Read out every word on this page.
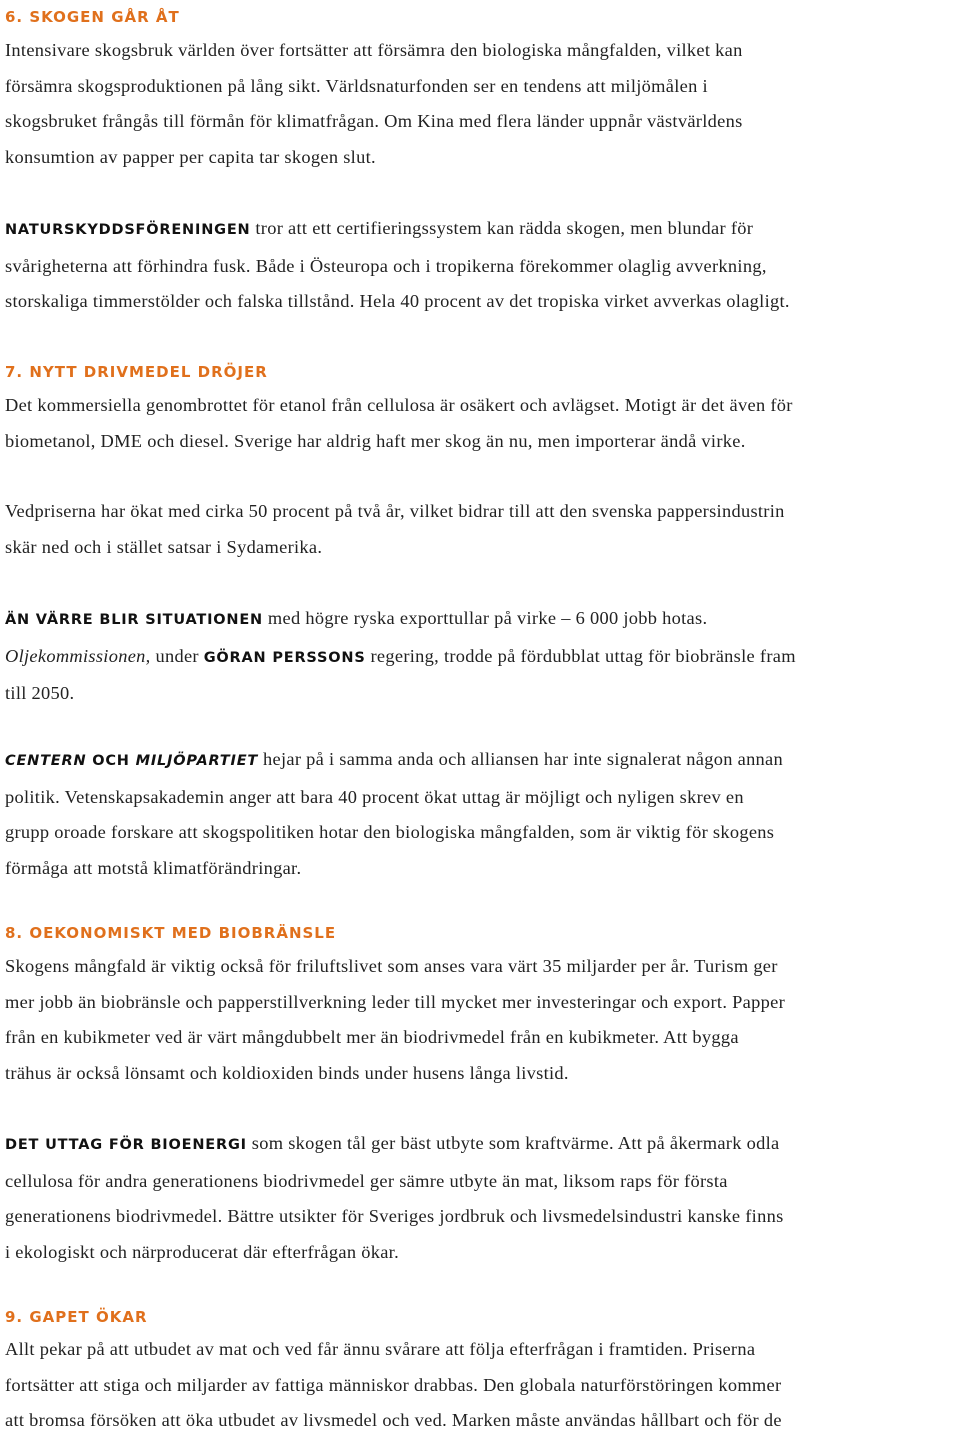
6. SKOGEN GÅR ÅT

Intensivare skogsbruk världen över fortsätter att försämra den biologiska mångfalden, vilket kan
försämra skogsproduktionen på lång sikt. Världsnaturfonden ser en tendens att miljömålen i
skogsbruket frångås till förmån för klimatfrågan. Om Kina med flera länder uppnår västvärldens
konsumtion av papper per capita tar skogen slut.

NATURSKYDDSFÖRENINGEN tror att ett certifieringssystem kan rädda skogen, men blundar för
svårigheterna att förhindra fusk. Både i Östeuropa och i tropikerna förekommer olaglig avverkning,
storskaliga timmerstölder och falska tillstånd. Hela 40 procent av det tropiska virket avverkas olagligt.

7. NYTT DRIVMEDEL DRÖJER

Det kommersiella genombrottet för etanol från cellulosa är osäkert och avlägset. Motigt är det även för
biometanol, DME och diesel. Sverige har aldrig haft mer skog än nu, men importerar ändå virke.

Vedpriserna har ökat med cirka 50 procent på två år, vilket bidrar till att den svenska pappersindustrin
skär ned och i stället satsar i Sydamerika.

ÄN VÄRRE BLIR SITUATIONEN med högre ryska exporttullar på virke – 6 000 jobb hotas.
Oljekommissionen, under GÖRAN PERSSONS regering, trodde på fördubblat uttag för biobränsle fram
till 2050.

CENTERN OCH MILJÖPARTIET hejar på i samma anda och alliansen har inte signalerat någon annan
politik. Vetenskapsakademin anger att bara 40 procent ökat uttag är möjligt och nyligen skrev en
grupp oroade forskare att skogspolitiken hotar den biologiska mångfalden, som är viktig för skogens
förmåga att motstå klimatförändringar.

8. OEKONOMISKT MED BIOBRÄNSLE

Skogens mångfald är viktig också för friluftslivet som anses vara värt 35 miljarder per år. Turism ger
mer jobb än biobränsle och papperstillverkning leder till mycket mer investeringar och export. Papper
från en kubikmeter ved är värt mångdubbelt mer än biodrivmedel från en kubikmeter. Att bygga
trähus är också lönsamt och koldioxiden binds under husens långa livstid.

DET UTTAG FÖR BIOENERGI som skogen tål ger bäst utbyte som kraftvärme. Att på åkermark odla
cellulosa för andra generationens biodrivmedel ger sämre utbyte än mat, liksom raps för första
generationens biodrivmedel. Bättre utsikter för Sveriges jordbruk och livsmedelsindustri kanske finns
i ekologiskt och närproducerat där efterfrågan ökar.

9. GAPET ÖKAR

Allt pekar på att utbudet av mat och ved får ännu svårare att följa efterfrågan i framtiden. Priserna
fortsätter att stiga och miljarder av fattiga människor drabbas. Den globala naturförstöringen kommer
att bromsa försöken att öka utbudet av livsmedel och ved. Marken måste användas hållbart och för de
